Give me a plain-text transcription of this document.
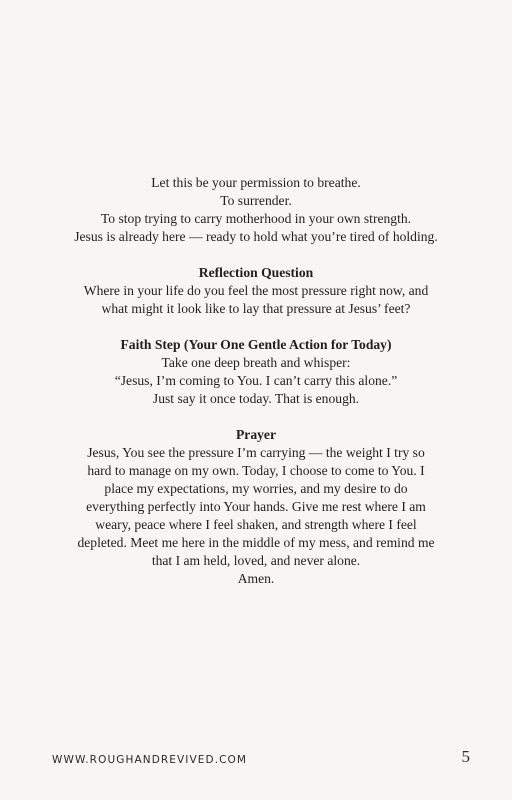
Let this be your permission to breathe.
To surrender.
To stop trying to carry motherhood in your own strength.
Jesus is already here — ready to hold what you’re tired of holding.
Reflection Question
Where in your life do you feel the most pressure right now, and
what might it look like to lay that pressure at Jesus’ feet?
Faith Step (Your One Gentle Action for Today)
Take one deep breath and whisper:
“Jesus, I’m coming to You. I can’t carry this alone.”
Just say it once today. That is enough.
Prayer
Jesus, You see the pressure I’m carrying — the weight I try so
hard to manage on my own. Today, I choose to come to You. I
place my expectations, my worries, and my desire to do
everything perfectly into Your hands. Give me rest where I am
weary, peace where I feel shaken, and strength where I feel
depleted. Meet me here in the middle of my mess, and remind me
that I am held, loved, and never alone.
Amen.
WWW.ROUGHANDREVIVED.COM	5
